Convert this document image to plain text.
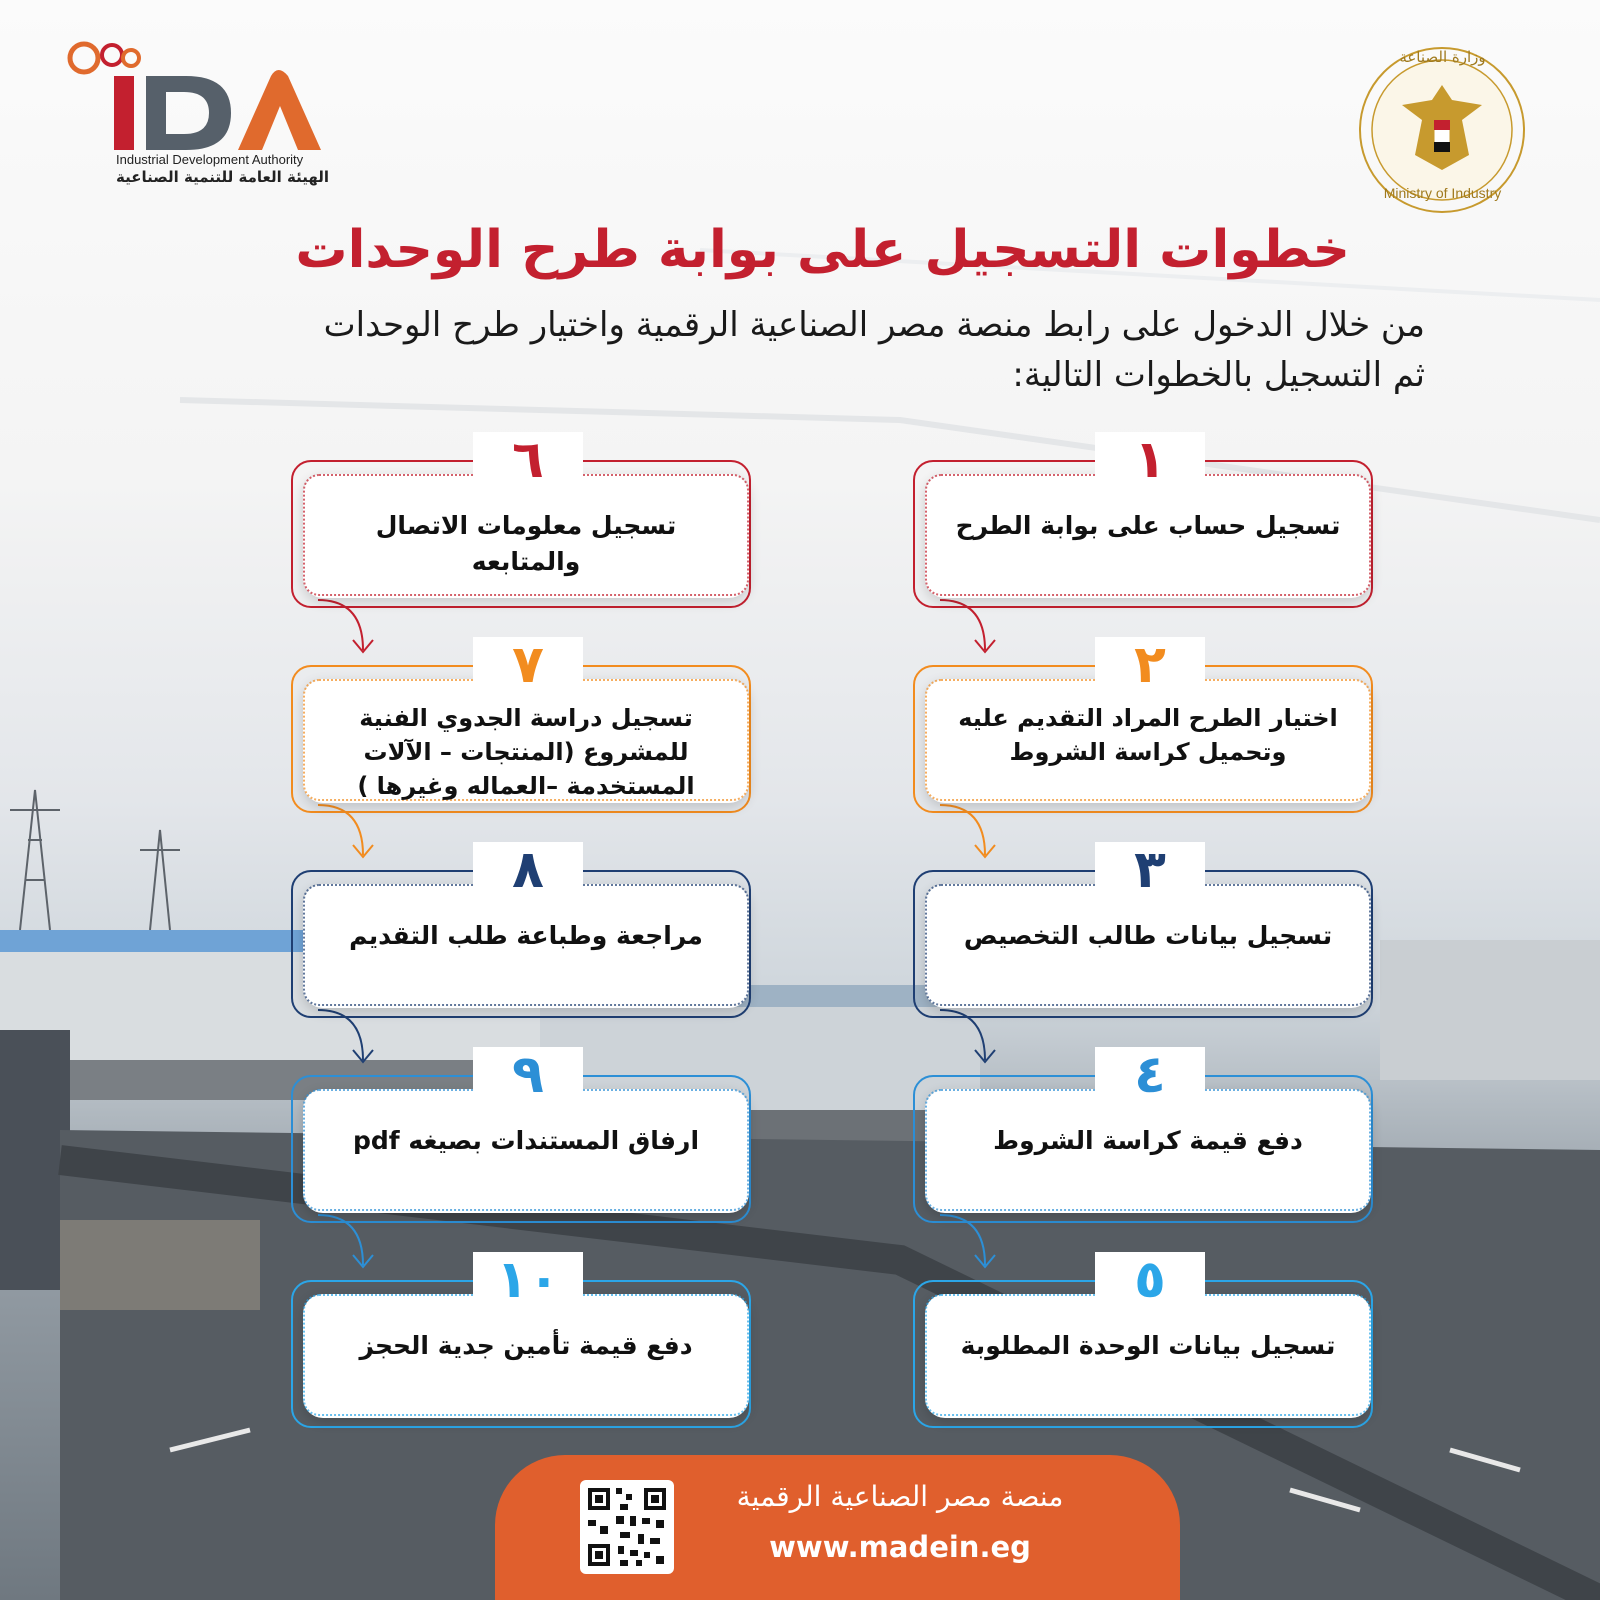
Industrial Development Authority
الهيئة العامة للتنمية الصناعية
وزارة الصناعة
Ministry of Industry
خطوات التسجيل على بوابة طرح الوحدات
من خلال الدخول على رابط منصة مصر الصناعية الرقمية واختيار طرح الوحدات
ثم التسجيل بالخطوات التالية:
١
تسجيل حساب على بوابة الطرح
٢
اختيار الطرح المراد التقديم عليه وتحميل كراسة الشروط
٣
تسجيل بيانات طالب التخصيص
٤
دفع قيمة كراسة الشروط
٥
تسجيل بيانات الوحدة المطلوبة
٦
تسجيل معلومات الاتصال والمتابعه
٧
تسجيل دراسة الجدوي الفنية للمشروع (المنتجات – الآلات المستخدمة –العماله وغيرها )
٨
مراجعة وطباعة طلب التقديم
٩
ارفاق المستندات بصيغه pdf
١٠
دفع قيمة تأمين جدية الحجز
منصة مصر الصناعية الرقمية
www.madein.eg
